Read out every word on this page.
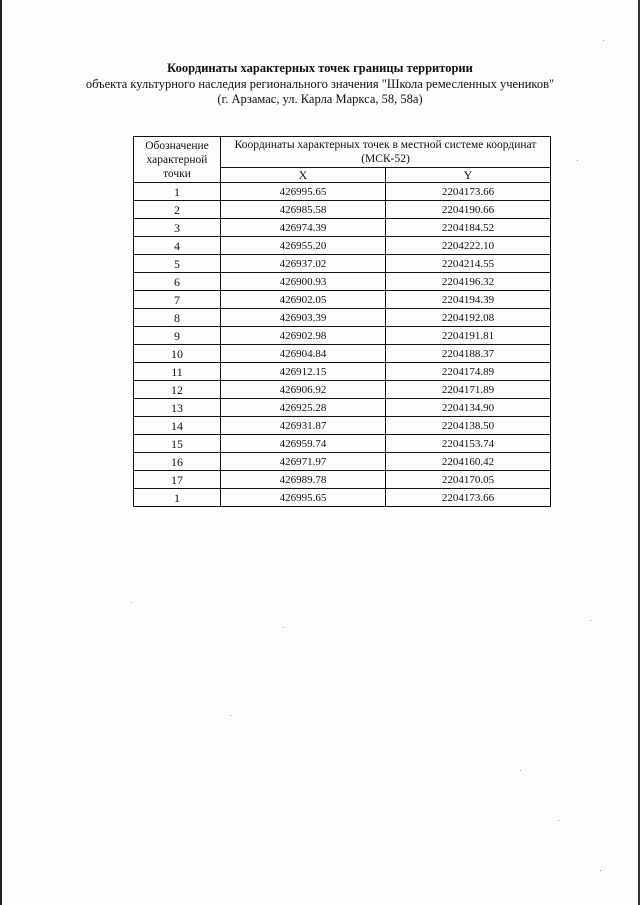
Координаты характерных точек границы территории
объекта культурного наследия регионального значения "Школа ремесленных учеников"
(г. Арзамас, ул. Карла Маркса, 58, 58а)
Обозначение характерной точки	Координаты характерных точек в местной системе координат (МСК-52)	
	X	Y
1	426995.65	2204173.66
2	426985.58	2204190.66
3	426974.39	2204184.52
4	426955.20	2204222.10
5	426937.02	2204214.55
6	426900.93	2204196.32
7	426902.05	2204194.39
8	426903.39	2204192.08
9	426902.98	2204191.81
10	426904.84	2204188.37
11	426912.15	2204174.89
12	426906.92	2204171.89
13	426925.28	2204134.90
14	426931.87	2204138.50
15	426959.74	2204153.74
16	426971.97	2204160.42
17	426989.78	2204170.05
1	426995.65	2204173.66
